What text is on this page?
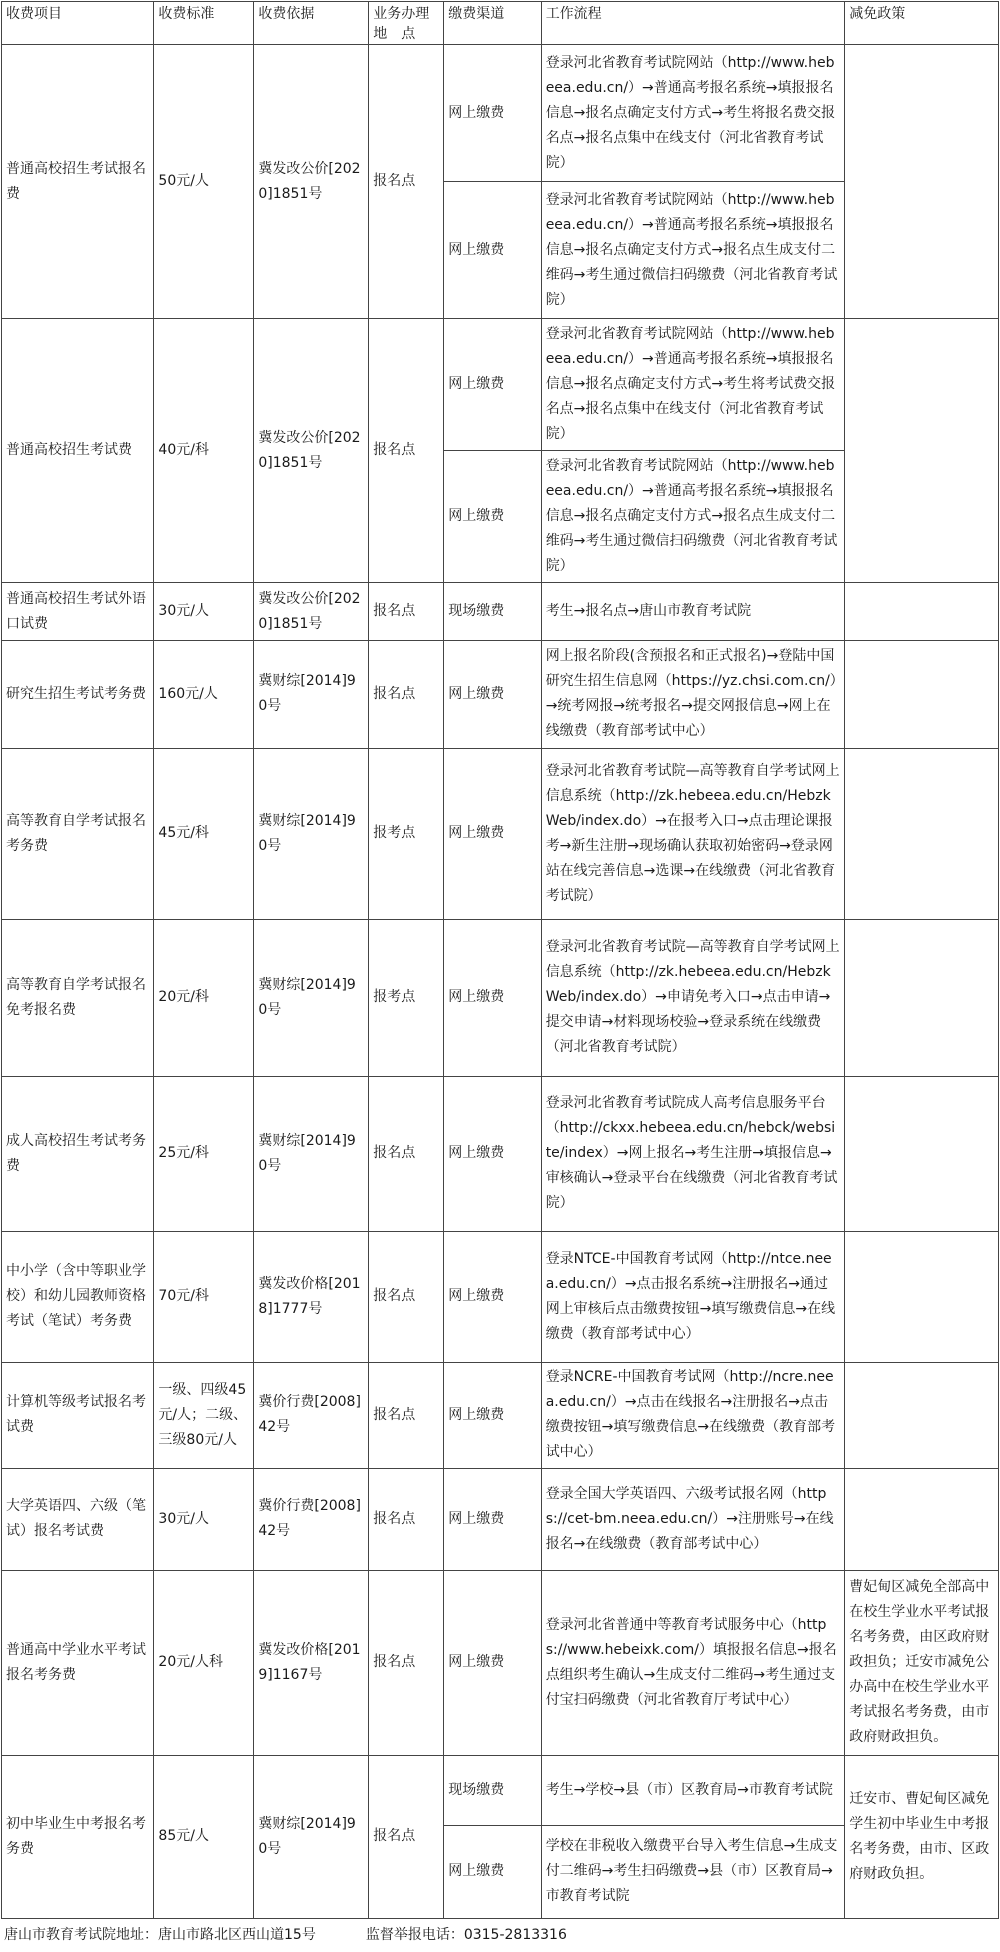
收费项目	收费标准	收费依据	业务办理地　点	缴费渠道	工作流程	减免政策
普通高校招生考试报名费	50元/人	冀发改公价[2020]1851号	报名点	网上缴费	登录河北省教育考试院网站（http://www.hebeea.edu.cn/）→普通高考报名系统→填报报名信息→报名点确定支付方式→考生将报名费交报名点→报名点集中在线支付（河北省教育考试院）	
				网上缴费	登录河北省教育考试院网站（http://www.hebeea.edu.cn/）→普通高考报名系统→填报报名信息→报名点确定支付方式→报名点生成支付二维码→考生通过微信扫码缴费（河北省教育考试院）	
普通高校招生考试费	40元/科	冀发改公价[2020]1851号	报名点	网上缴费	登录河北省教育考试院网站（http://www.hebeea.edu.cn/）→普通高考报名系统→填报报名信息→报名点确定支付方式→考生将考试费交报名点→报名点集中在线支付（河北省教育考试院）	
				网上缴费	登录河北省教育考试院网站（http://www.hebeea.edu.cn/）→普通高考报名系统→填报报名信息→报名点确定支付方式→报名点生成支付二维码→考生通过微信扫码缴费（河北省教育考试院）	
普通高校招生考试外语口试费	30元/人	冀发改公价[2020]1851号	报名点	现场缴费	考生→报名点→唐山市教育考试院	
研究生招生考试考务费	160元/人	冀财综[2014]90号	报名点	网上缴费	网上报名阶段(含预报名和正式报名)→登陆中国研究生招生信息网（https://yz.chsi.com.cn/）→统考网报→统考报名→提交网报信息→网上在线缴费（教育部考试中心）	
高等教育自学考试报名考务费	45元/科	冀财综[2014]90号	报考点	网上缴费	登录河北省教育考试院—高等教育自学考试网上信息系统（http://zk.hebeea.edu.cn/HebzkWeb/index.do）→在报考入口→点击理论课报考→新生注册→现场确认获取初始密码→登录网站在线完善信息→选课→在线缴费（河北省教育考试院）	
高等教育自学考试报名免考报名费	20元/科	冀财综[2014]90号	报考点	网上缴费	登录河北省教育考试院—高等教育自学考试网上信息系统（http://zk.hebeea.edu.cn/HebzkWeb/index.do）→申请免考入口→点击申请→提交申请→材料现场校验→登录系统在线缴费（河北省教育考试院）	
成人高校招生考试考务费	25元/科	冀财综[2014]90号	报名点	网上缴费	登录河北省教育考试院成人高考信息服务平台（http://ckxx.hebeea.edu.cn/hebck/website/index）→网上报名→考生注册→填报信息→审核确认→登录平台在线缴费（河北省教育考试院）	
中小学（含中等职业学校）和幼儿园教师资格考试（笔试）考务费	70元/科	冀发改价格[2018]1777号	报名点	网上缴费	登录NTCE-中国教育考试网（http://ntce.neea.edu.cn/）→点击报名系统→注册报名→通过网上审核后点击缴费按钮→填写缴费信息→在线缴费（教育部考试中心）	
计算机等级考试报名考试费	一级、四级45元/人；二级、三级80元/人	冀价行费[2008]42号	报名点	网上缴费	登录NCRE-中国教育考试网（http://ncre.neea.edu.cn/）→点击在线报名→注册报名→点击缴费按钮→填写缴费信息→在线缴费（教育部考试中心）	
大学英语四、六级（笔试）报名考试费	30元/人	冀价行费[2008]42号	报名点	网上缴费	登录全国大学英语四、六级考试报名网（https://cet-bm.neea.edu.cn/）→注册账号→在线报名→在线缴费（教育部考试中心）	
普通高中学业水平考试报名考务费	20元/人科	冀发改价格[2019]1167号	报名点	网上缴费	登录河北省普通中等教育考试服务中心（https://www.hebeixk.com/）填报报名信息→报名点组织考生确认→生成支付二维码→考生通过支付宝扫码缴费（河北省教育厅考试中心）	曹妃甸区减免全部高中在校生学业水平考试报名考务费，由区政府财政担负；迁安市减免公办高中在校生学业水平考试报名考务费，由市政府财政担负。
初中毕业生中考报名考务费	85元/人	冀财综[2014]90号	报名点	现场缴费	考生→学校→县（市）区教育局→市教育考试院	迁安市、曹妃甸区减免学生初中毕业生中考报名考务费，由市、区政府财政负担。
				网上缴费	学校在非税收入缴费平台导入考生信息→生成支付二维码→考生扫码缴费→县（市）区教育局→市教育考试院	
唐山市教育考试院地址：唐山市路北区西山道15号	监督举报电话：0315-2813316
